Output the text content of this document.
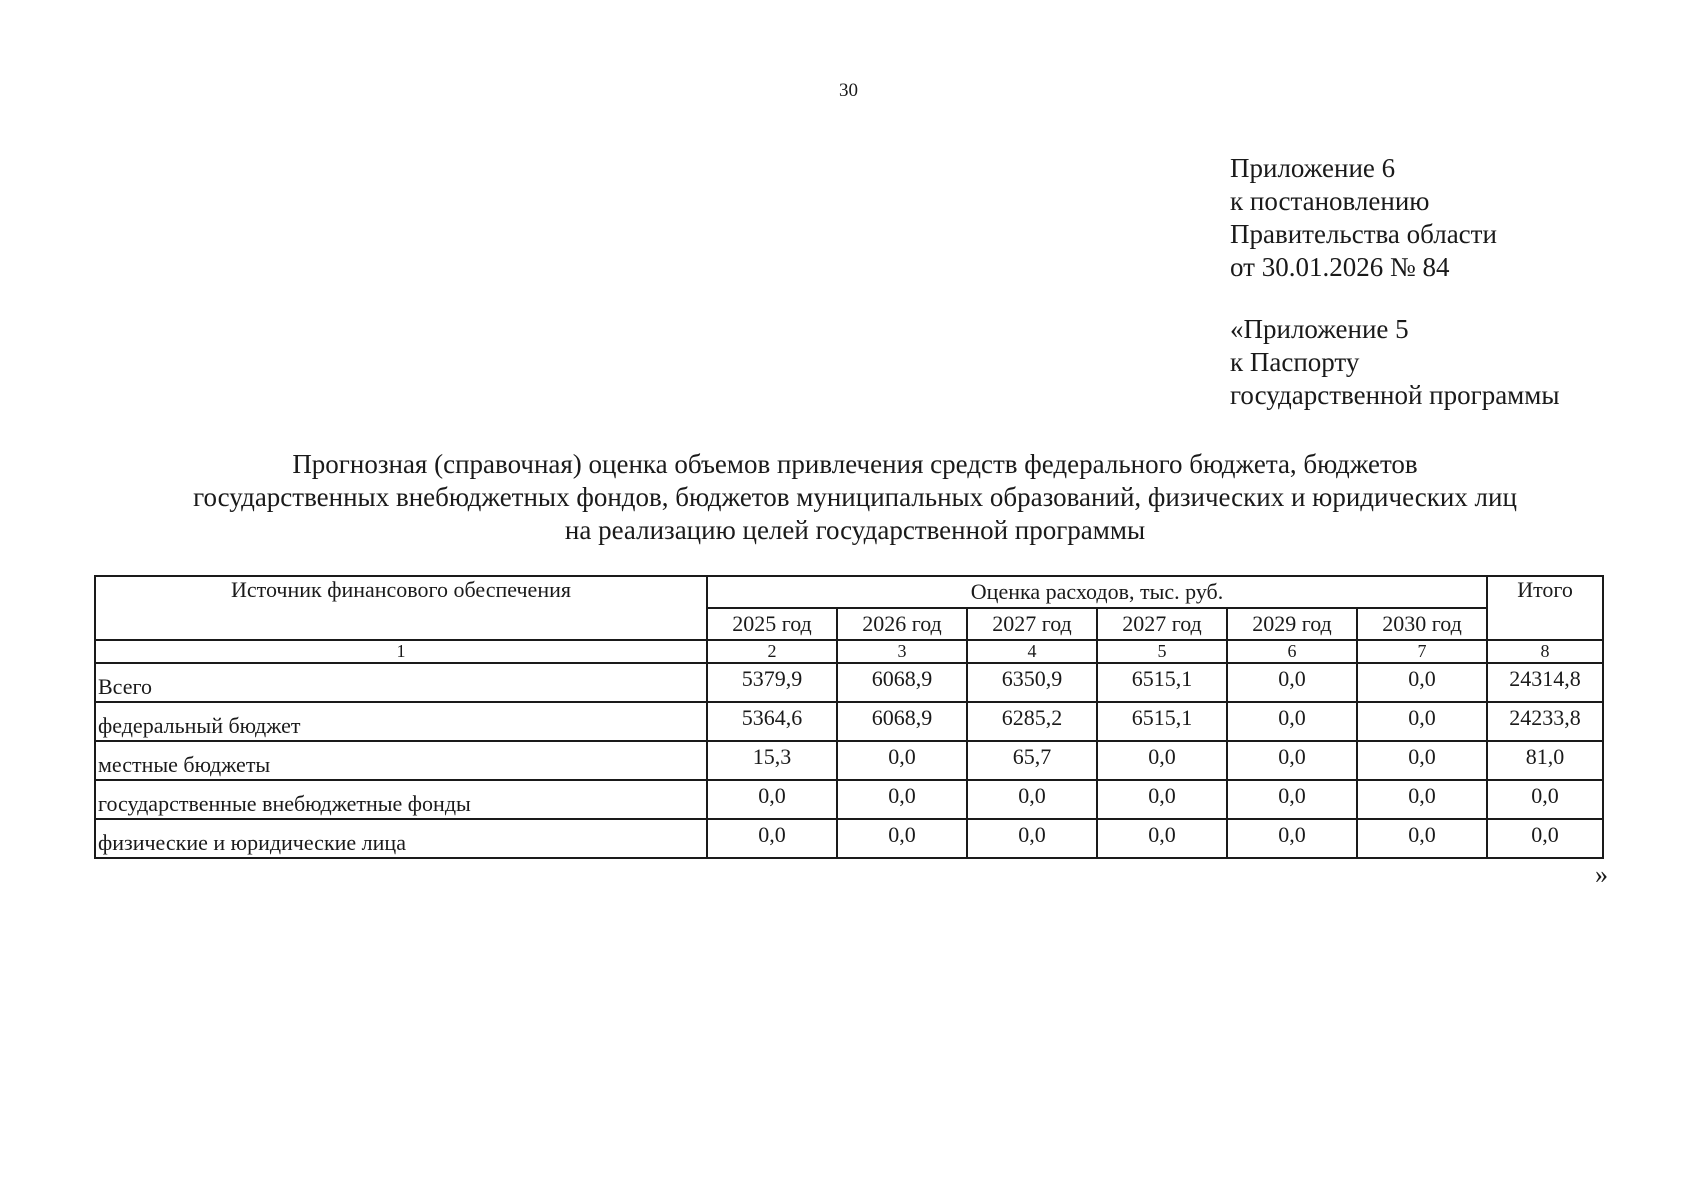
30
Приложение 6
к постановлению
Правительства области
от 30.01.2026 № 84
«Приложение 5
к Паспорту
государственной программы
Прогнозная (справочная) оценка объемов привлечения средств федерального бюджета, бюджетов
государственных внебюджетных фондов, бюджетов муниципальных образований, физических и юридических лиц
на реализацию целей государственной программы
Источник финансового обеспечения	Оценка расходов, тыс. руб.						Итого
	2025 год	2026 год	2027 год	2027 год	2029 год	2030 год	
1	2	3	4	5	6	7	8
Всего	5379,9	6068,9	6350,9	6515,1	0,0	0,0	24314,8
федеральный бюджет	5364,6	6068,9	6285,2	6515,1	0,0	0,0	24233,8
местные бюджеты	15,3	0,0	65,7	0,0	0,0	0,0	81,0
государственные внебюджетные фонды	0,0	0,0	0,0	0,0	0,0	0,0	0,0
физические и юридические лица	0,0	0,0	0,0	0,0	0,0	0,0	0,0
»
